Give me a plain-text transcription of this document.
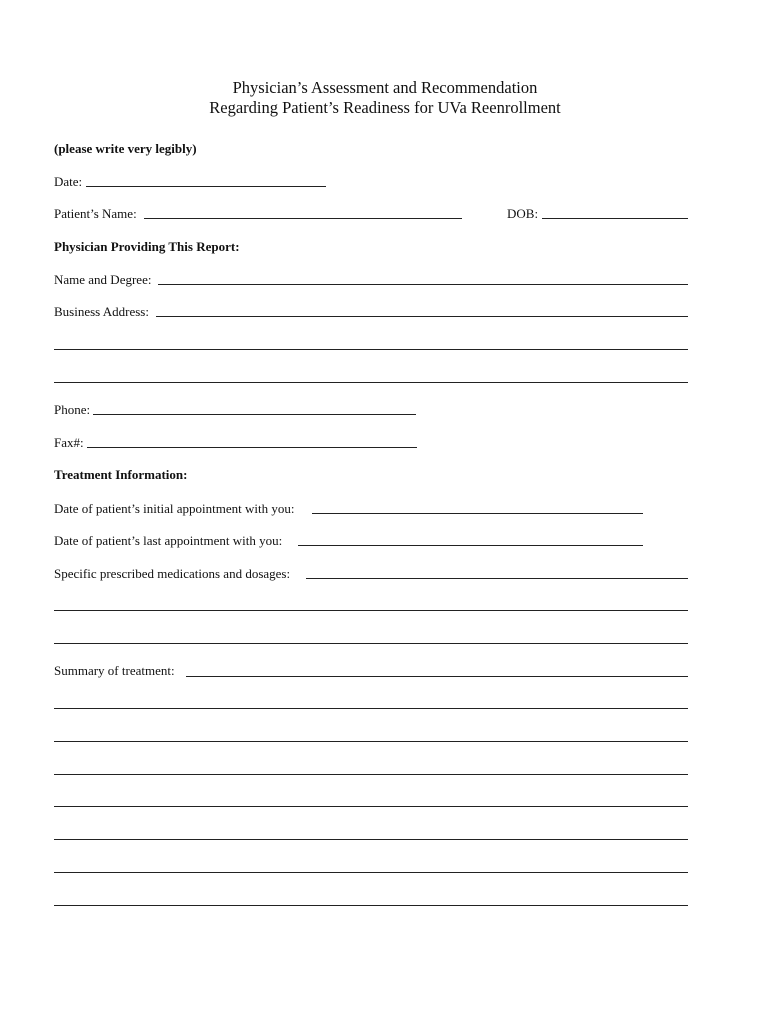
Physician’s Assessment and Recommendation
Regarding Patient’s Readiness for UVa Reenrollment
(please write very legibly)
Date:
Patient’s Name:	DOB:
Physician Providing This Report:
Name and Degree:
Business Address:
Phone:
Fax#:
Treatment Information:
Date of patient’s initial appointment with you:
Date of patient’s last appointment with you:
Specific prescribed medications and dosages:
Summary of treatment:
